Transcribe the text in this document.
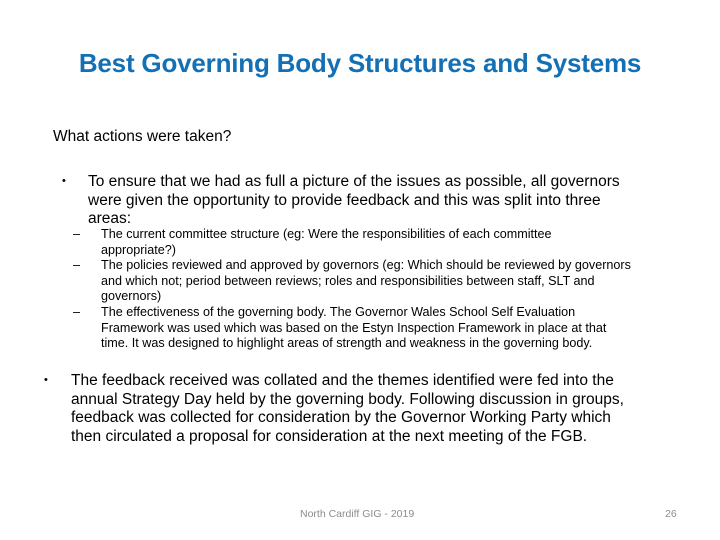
Best Governing Body Structures and Systems
What actions were taken?
• To ensure that we had as full a picture of the issues as possible, all governors
were given the opportunity to provide feedback and this was split into three
areas:
– The current committee structure (eg: Were the responsibilities of each committee
appropriate?)
– The policies reviewed and approved by governors (eg: Which should be reviewed by governors
and which not; period between reviews; roles and responsibilities between staff, SLT and
governors)
– The effectiveness of the governing body. The Governor Wales School Self Evaluation
Framework was used which was based on the Estyn Inspection Framework in place at that
time. It was designed to highlight areas of strength and weakness in the governing body.
• The feedback received was collated and the themes identified were fed into the
annual Strategy Day held by the governing body. Following discussion in groups,
feedback was collected for consideration by the Governor Working Party which
then circulated a proposal for consideration at the next meeting of the FGB.
North Cardiff GIG - 2019	26
